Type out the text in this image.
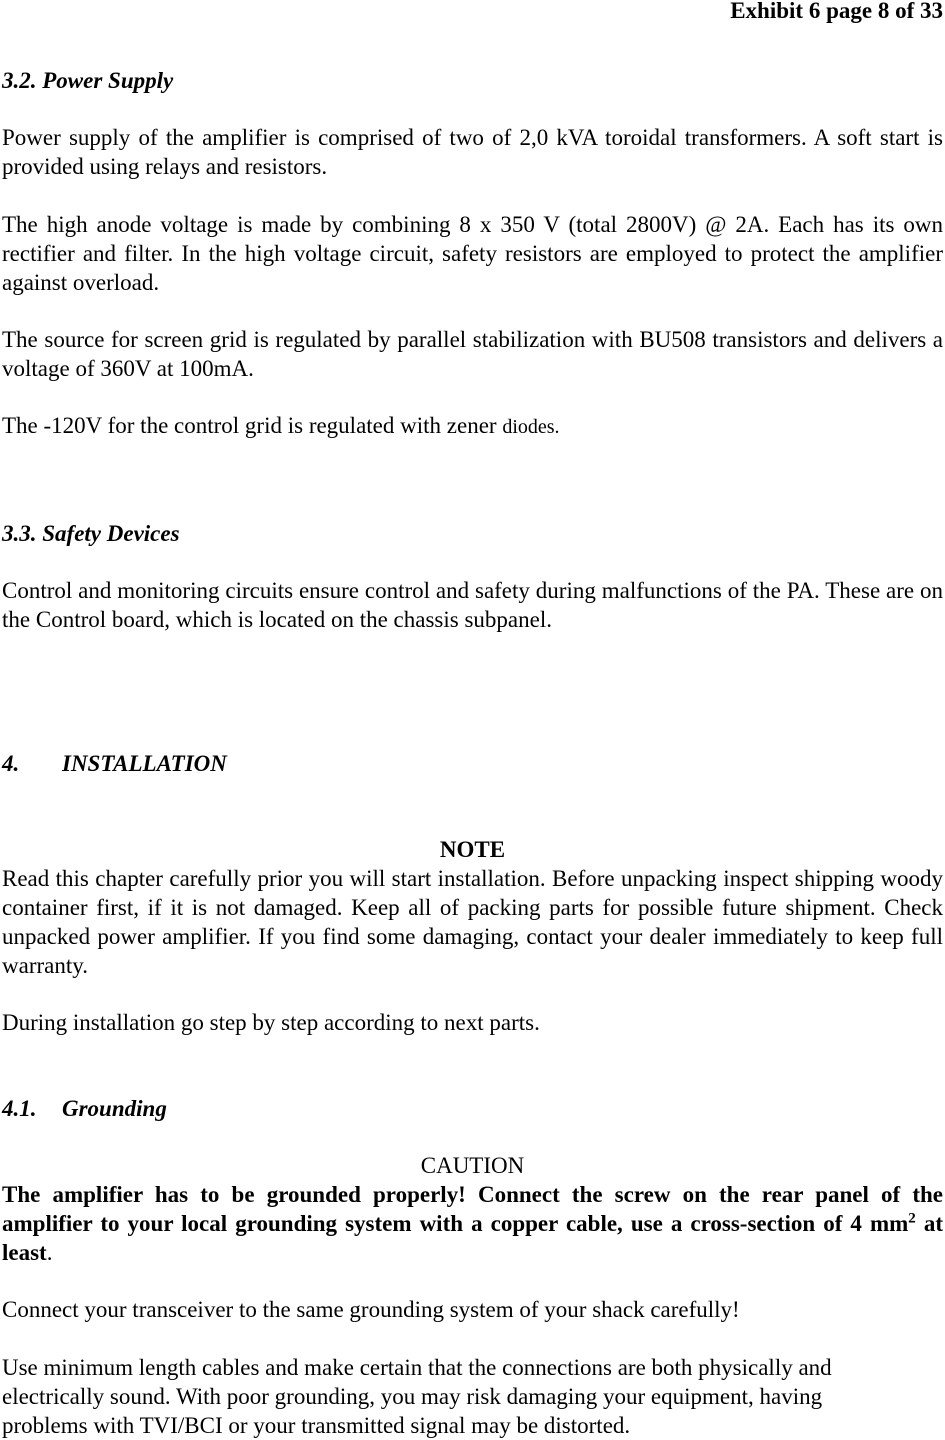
Exhibit 6 page 8 of 33

3.2. Power Supply

Power supply of the amplifier is comprised of two of 2,0 kVA toroidal transformers. A soft start is provided using relays and resistors.

The high anode voltage is made by combining 8 x 350 V (total 2800V) @ 2A. Each has its own rectifier and filter. In the high voltage circuit, safety resistors are employed to protect the amplifier against overload.

The source for screen grid is regulated by parallel stabilization with BU508 transistors and delivers a voltage of 360V at 100mA.

The -120V for the control grid is regulated with zener diodes.

3.3. Safety Devices

Control and monitoring circuits ensure control and safety during malfunctions of the PA. These are on the Control board, which is located on the chassis subpanel.

4. INSTALLATION

NOTE

Read this chapter carefully prior you will start installation. Before unpacking inspect shipping woody container first, if it is not damaged. Keep all of packing parts for possible future shipment. Check unpacked power amplifier. If you find some damaging, contact your dealer immediately to keep full warranty.

During installation go step by step according to next parts.

4.1. Grounding

CAUTION

The amplifier has to be grounded properly! Connect the screw on the rear panel of the amplifier to your local grounding system with a copper cable, use a cross-section of 4 $mm^2$ at least.

Connect your transceiver to the same grounding system of your shack carefully!

Use minimum length cables and make certain that the connections are both physically and

electrically sound. With poor grounding, you may risk damaging your equipment, having

problems with TVI/BCI or your transmitted signal may be distorted.
